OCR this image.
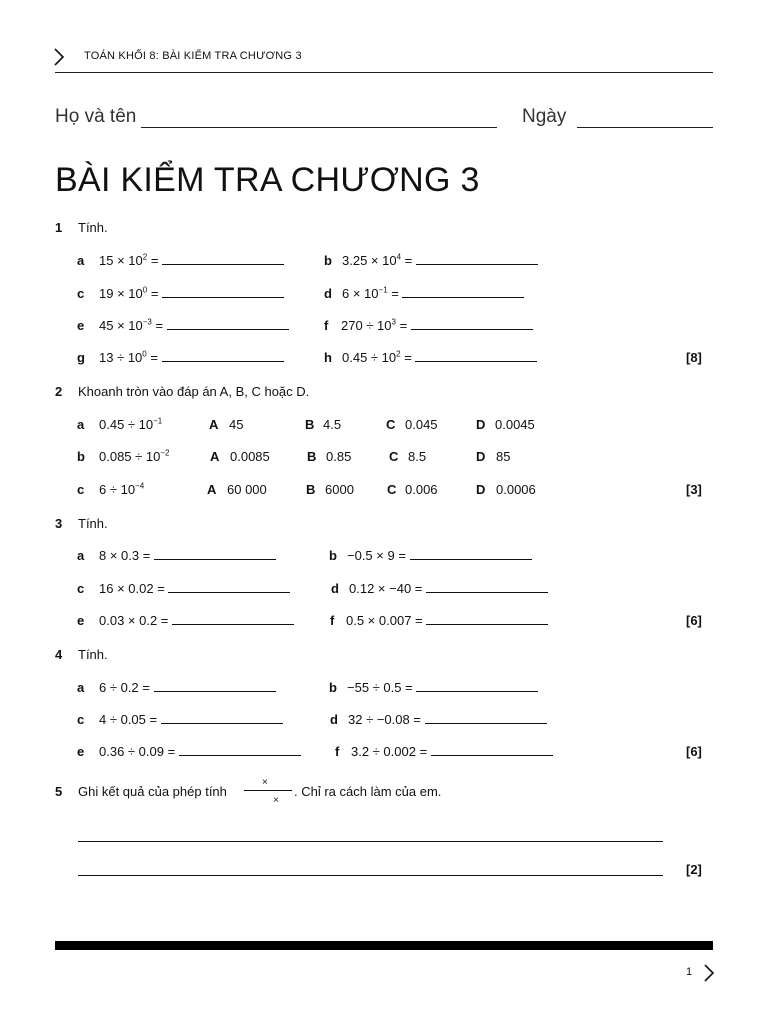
TOÁN KHỐI 8: BÀI KIỂM TRA CHƯƠNG 3
Họ và tên	Ngày
BÀI KIỂM TRA CHƯƠNG 3
1 Tính.
a $15 \times 10^2$ =	b $3.25 \times 10^4$ =
c $19 \times 10^0$ =	d $6 \times 10^{-1}$ =
e $45 \times 10^{-3}$ =	f $270 \div 10^3$ =
g $13 \div 10^0$ =	h $0.45 \div 10^2$ =	[8]
2 Khoanh tròn vào đáp án A, B, C hoặc D.
a $0.45 \div 10^{-1}$	A 45	B 4.5	C 0.045	D 0.0045
b $0.085 \div 10^{-2}$	A 0.0085	B 0.85	C 8.5	D 85
c $6 \div 10^{-4}$	A 60 000	B 6000	C 0.006	D 0.0006	[3]
3 Tính.
a 8 × 0.3 =	b −0.5 × 9 =
c 16 × 0.02 =	d 0.12 × −40 =
e 0.03 × 0.2 =	f 0.5 × 0.007 =	[6]
4 Tính.
a 6 ÷ 0.2 =	b −55 ÷ 0.5 =
c 4 ÷ 0.05 =	d 32 ÷ −0.08 =
e 0.36 ÷ 0.09 =	f 3.2 ÷ 0.002 =	[6]
5 Ghi kết quả của phép tính
×
×
. Chỉ ra cách làm của em.
[2]
1
